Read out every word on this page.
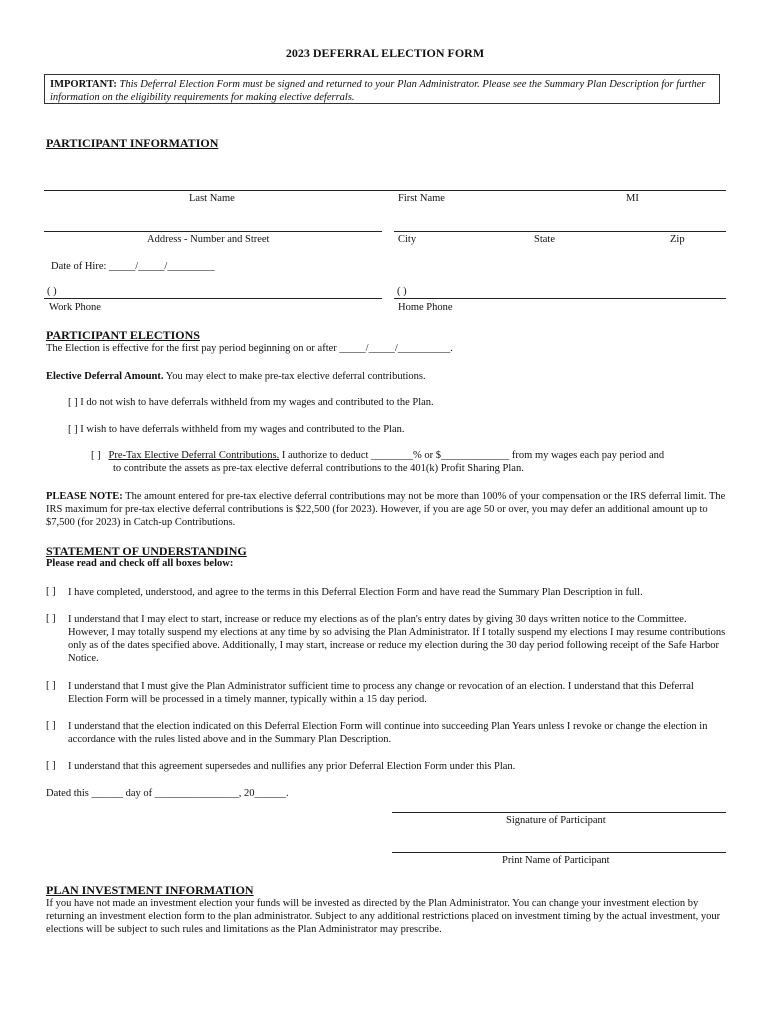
2023 DEFERRAL ELECTION FORM
IMPORTANT: This Deferral Election Form must be signed and returned to your Plan Administrator. Please see the Summary Plan Description for further information on the eligibility requirements for making elective deferrals.
PARTICIPANT INFORMATION
Last Name	First Name	MI
Address - Number and Street	City	State	Zip
Date of Hire: _____/_____/_________
( )	( )
Work Phone	Home Phone
PARTICIPANT ELECTIONS
The Election is effective for the first pay period beginning on or after _____/_____/__________.
Elective Deferral Amount. You may elect to make pre-tax elective deferral contributions.
[ ] I do not wish to have deferrals withheld from my wages and contributed to the Plan.
[ ] I wish to have deferrals withheld from my wages and contributed to the Plan.
[ ] Pre-Tax Elective Deferral Contributions. I authorize to deduct ________% or $_____________ from my wages each pay period and
to contribute the assets as pre-tax elective deferral contributions to the 401(k) Profit Sharing Plan.
PLEASE NOTE: The amount entered for pre-tax elective deferral contributions may not be more than 100% of your compensation or the IRS deferral limit. The IRS maximum for pre-tax elective deferral contributions is $22,500 (for 2023). However, if you are age 50 or over, you may defer an additional amount up to $7,500 (for 2023) in Catch-up Contributions.
STATEMENT OF UNDERSTANDING
Please read and check off all boxes below:
[ ] I have completed, understood, and agree to the terms in this Deferral Election Form and have read the Summary Plan Description in full.
[ ] I understand that I may elect to start, increase or reduce my elections as of the plan's entry dates by giving 30 days written notice to the Committee. However, I may totally suspend my elections at any time by so advising the Plan Administrator. If I totally suspend my elections I may resume contributions only as of the dates specified above. Additionally, I may start, increase or reduce my election during the 30 day period following receipt of the Safe Harbor Notice.
[ ] I understand that I must give the Plan Administrator sufficient time to process any change or revocation of an election. I understand that this Deferral Election Form will be processed in a timely manner, typically within a 15 day period.
[ ] I understand that the election indicated on this Deferral Election Form will continue into succeeding Plan Years unless I revoke or change the election in accordance with the rules listed above and in the Summary Plan Description.
[ ] I understand that this agreement supersedes and nullifies any prior Deferral Election Form under this Plan.
Dated this ______ day of ________________, 20______.
Signature of Participant
Print Name of Participant
PLAN INVESTMENT INFORMATION
If you have not made an investment election your funds will be invested as directed by the Plan Administrator. You can change your investment election by returning an investment election form to the plan administrator. Subject to any additional restrictions placed on investment timing by the actual investment, your elections will be subject to such rules and limitations as the Plan Administrator may prescribe.
